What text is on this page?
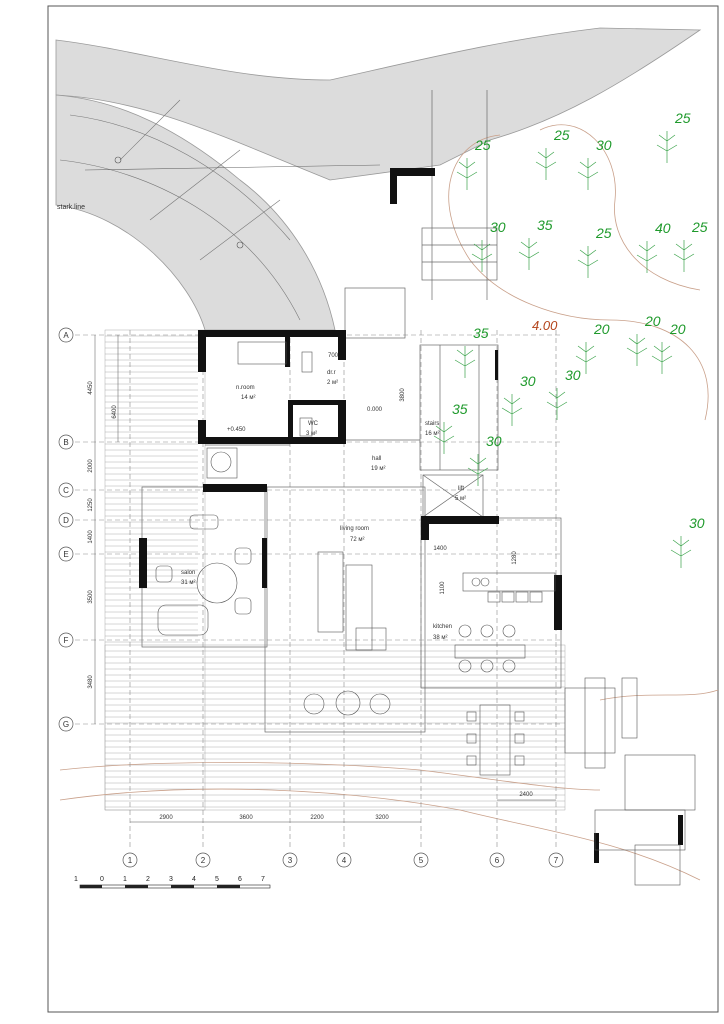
stark.line
A
B
C
D
E
F
G
1	2	3	4	5	6	7
4450
2000
1250
1400
3500
3480
6400
2900	3600	2200	3200
2400
700
3800
1400
1280
1100
n.room
14 м²
dr.r
2 м²
WC
3 м²
stairs
16 м²
hall
19 м²
lift
5 м²
living room
72 м²
salon
31 м²
kitchen
38 м²
0.000
+0.450
25
25
30
25
30 35	25	40 25
20	20 20
35
30 30
35
30
30
4.00
1	0	1	2	3	4	5	6	7
